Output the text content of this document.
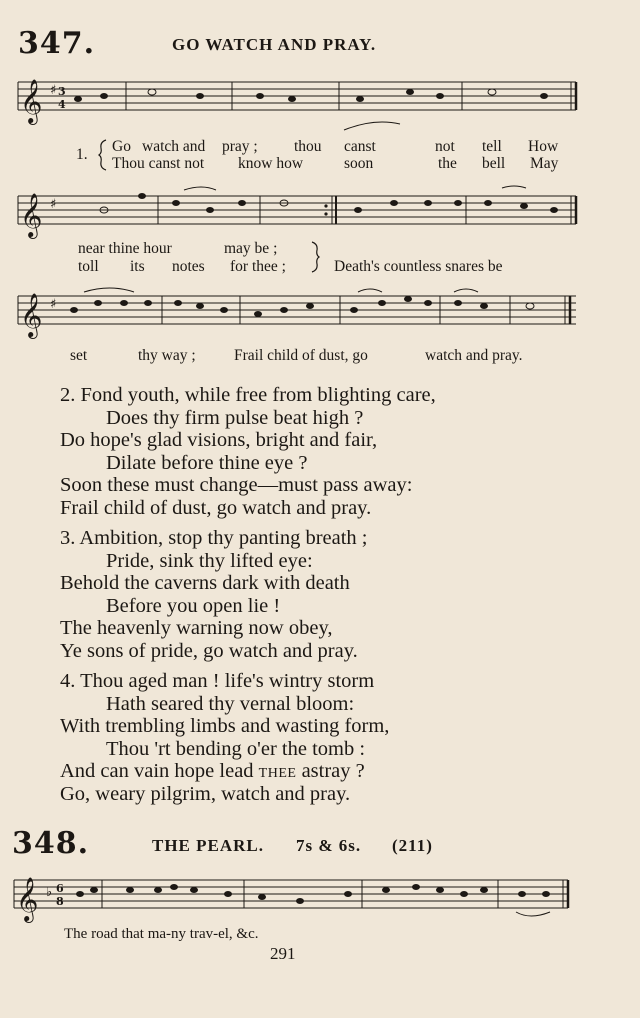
347.	GO WATCH AND PRAY.
𝄞 ♯ 3
4
1. Go watch and pray ; thou canst	not tell How
Thou canst not know how	soon	the bell May
𝄞 ♯
near thine hour	may be ;
toll its notes for thee ;	Death's countless snares be
𝄞 ♯
set	thy way ; Frail child of dust, go	watch and pray.
2. Fond youth, while free from blighting care,
Does thy firm pulse beat high ?
Do hope's glad visions, bright and fair,
Dilate before thine eye ?
Soon these must change—must pass away:
Frail child of dust, go watch and pray.
3. Ambition, stop thy panting breath ;
Pride, sink thy lifted eye:
Behold the caverns dark with death
Before you open lie !
The heavenly warning now obey,
Ye sons of pride, go watch and pray.
4. Thou aged man ! life's wintry storm
Hath seared thy vernal bloom:
With trembling limbs and wasting form,
Thou 'rt bending o'er the tomb :
And can vain hope lead thee astray ?
Go, weary pilgrim, watch and pray.
348.	THE PEARL. 7s & 6s. (211)
𝄞 ♭ 6
8
The road that ma-ny trav-el, &c.
291
